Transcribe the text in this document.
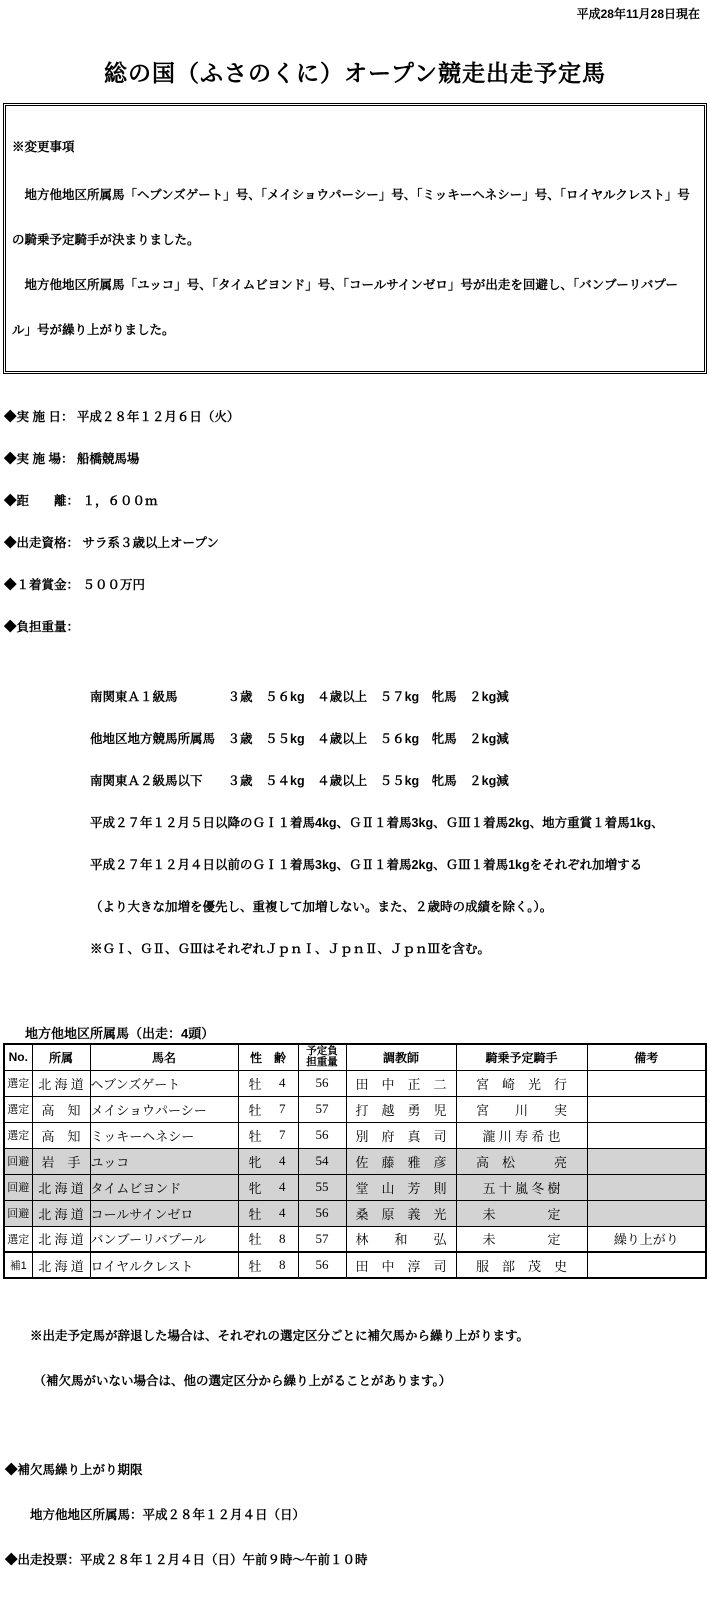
平成28年11月28日現在
総の国（ふさのくに）オープン競走出走予定馬

※変更事項

　地方他地区所属馬「ヘブンズゲート」号、「メイショウパーシー」号、「ミッキーヘネシー」号、「ロイヤルクレスト」号

の騎乗予定騎手が決まりました。

　地方他地区所属馬「ユッコ」号、「タイムビヨンド」号、「コールサインゼロ」号が出走を回避し、「バンブーリバプー

ル」号が繰り上がりました。

◆実 施 日： 平成２８年１２月６日（火）

◆実 施 場： 船橋競馬場

◆距　　離： １，６００ｍ

◆出走資格： サラ系３歳以上オープン

◆１着賞金： ５００万円

◆負担重量：

南関東Ａ１級馬　　　　３歳　５６kg　４歳以上　５７kg　牝馬　２kg減

他地区地方競馬所属馬　３歳　５５kg　４歳以上　５６kg　牝馬　２kg減

南関東Ａ２級馬以下　　３歳　５４kg　４歳以上　５５kg　牝馬　２kg減

平成２７年１２月５日以降のＧＩ１着馬4kg、ＧⅡ１着馬3kg、ＧⅢ１着馬2kg、地方重賞１着馬1kg、

平成２７年１２月４日以前のＧＩ１着馬3kg、ＧⅡ１着馬2kg、ＧⅢ１着馬1kgをそれぞれ加増する

（より大きな加増を優先し、重複して加増しない。また、２歳時の成績を除く。）。

※ＧＩ、ＧⅡ、ＧⅢはそれぞれＪｐｎＩ、ＪｐｎⅡ、ＪｐｎⅢを含む。

地方他地区所属馬（出走：4頭）
No.	所属	馬名	性　齢	予定負
担重量	調教師	騎乗予定騎手	備考
選定	北 海 道	ヘブンズゲート	牡 4	56	田　中　正　二	宮　崎　光　行	
選定	高　知	メイショウパーシー	牡 7	57	打　越　勇　児	宮　　川　　実	
選定	高　知	ミッキーヘネシー	牡 7	56	別　府　真　司	瀧 川 寿 希 也	
回避	岩　手	ユッコ	牝 4	54	佐　藤　雅　彦	高　松　　　亮	
回避	北 海 道	タイムビヨンド	牝 4	55	堂　山　芳　則	五 十 嵐 冬 樹	
回避	北 海 道	コールサインゼロ	牡 4	56	桑　原　義　光	未　　　　定	
選定	北 海 道	バンブーリバプール	牡 8	57	林　　和　　弘	未　　　　定	繰り上がり
補1	北 海 道	ロイヤルクレスト	牡 8	56	田　中　淳　司	服　部　茂　史	

※出走予定馬が辞退した場合は、それぞれの選定区分ごとに補欠馬から繰り上がります。

（補欠馬がいない場合は、他の選定区分から繰り上がることがあります。）

◆補欠馬繰り上がり期限

　　地方他地区所属馬：平成２８年１２月４日（日）

◆出走投票：平成２８年１２月４日（日）午前９時～午前１０時
